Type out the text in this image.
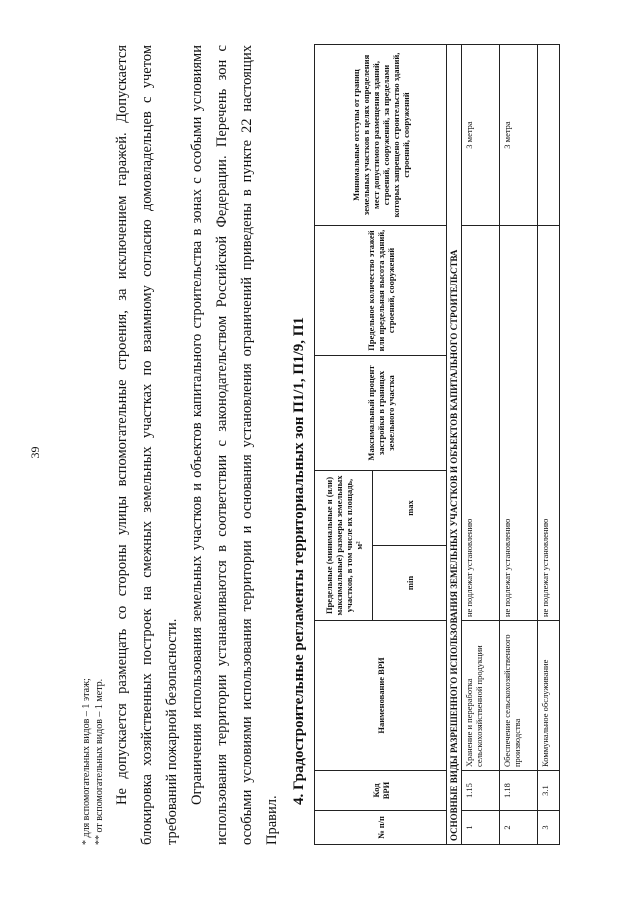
39
* для вспомогательных видов – 1 этаж; ** от вспомогательных видов – 1 метр. Не допускается размещать со стороны улицы вспомогательные строения, за исключением гаражей. Допускается блокировка хозяйственных построек на смежных земельных участках по взаимному согласию домовладельцев с учетом требований пожарной безопасности. Ограничения использования земельных участков и объектов капитального строительства в зонах с особыми условиями использования территории устанавливаются в соответствии с законодательством Российской Федерации. Перечень зон с особыми условиями использования территории и основания установления ограничений приведены в пункте 22 настоящих Правил.

4. Градостроительные регламенты территориальных зон П1/1, П1/9, П1
№ п/п	Код ВРИ	Наименование ВРИ	Предельные (минимальные и (или) максимальные) размеры земельных участков, в том числе их площадь, м²		Максимальный процент застройки в границах земельного участка	Предельное количество этажей или предельная высота зданий, строений, сооружений	Минимальные отступы от границ земельных участков в целях определения мест допустимого размещения зданий, строений, сооружений, за пределами которых запрещено строительство зданий, строений, сооружений
			min	max			
ОСНОВНЫЕ ВИДЫ РАЗРЕШЕННОГО ИСПОЛЬЗОВАНИЯ ЗЕМЕЛЬНЫХ УЧАСТКОВ И ОБЪЕКТОВ КАПИТАЛЬНОГО СТРОИТЕЛЬСТВА							
1	1.15	Хранение и переработка сельскохозяйственной продукции	не подлежат установлению				3 метра
2	1.18	Обеспечение сельскохозяйственного производства	не подлежат установлению				3 метра
3	3.1	Коммунальное обслуживание	не подлежат установлению				
